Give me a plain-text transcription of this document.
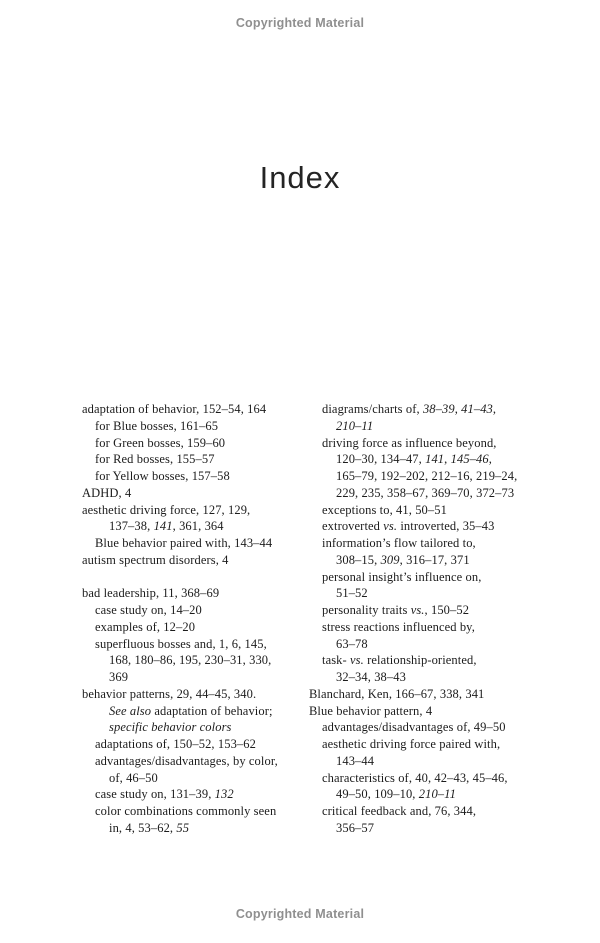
Copyrighted Material
Index
adaptation of behavior, 152–54, 164
for Blue bosses, 161–65
for Green bosses, 159–60
for Red bosses, 155–57
for Yellow bosses, 157–58
ADHD, 4
aesthetic driving force, 127, 129,
137–38, 141, 361, 364
Blue behavior paired with, 143–44
autism spectrum disorders, 4
bad leadership, 11, 368–69
case study on, 14–20
examples of, 12–20
superfluous bosses and, 1, 6, 145,
168, 180–86, 195, 230–31, 330,
369
behavior patterns, 29, 44–45, 340.
See also adaptation of behavior;
specific behavior colors
adaptations of, 150–52, 153–62
advantages/disadvantages, by color,
of, 46–50
case study on, 131–39, 132
color combinations commonly seen
in, 4, 53–62, 55
diagrams/charts of, 38–39, 41–43,
210–11
driving force as influence beyond,
120–30, 134–47, 141, 145–46,
165–79, 192–202, 212–16, 219–24,
229, 235, 358–67, 369–70, 372–73
exceptions to, 41, 50–51
extroverted vs. introverted, 35–43
information’s flow tailored to,
308–15, 309, 316–17, 371
personal insight’s influence on,
51–52
personality traits vs., 150–52
stress reactions influenced by,
63–78
task- vs. relationship-oriented,
32–34, 38–43
Blanchard, Ken, 166–67, 338, 341
Blue behavior pattern, 4
advantages/disadvantages of, 49–50
aesthetic driving force paired with,
143–44
characteristics of, 40, 42–43, 45–46,
49–50, 109–10, 210–11
critical feedback and, 76, 344,
356–57
Copyrighted Material
